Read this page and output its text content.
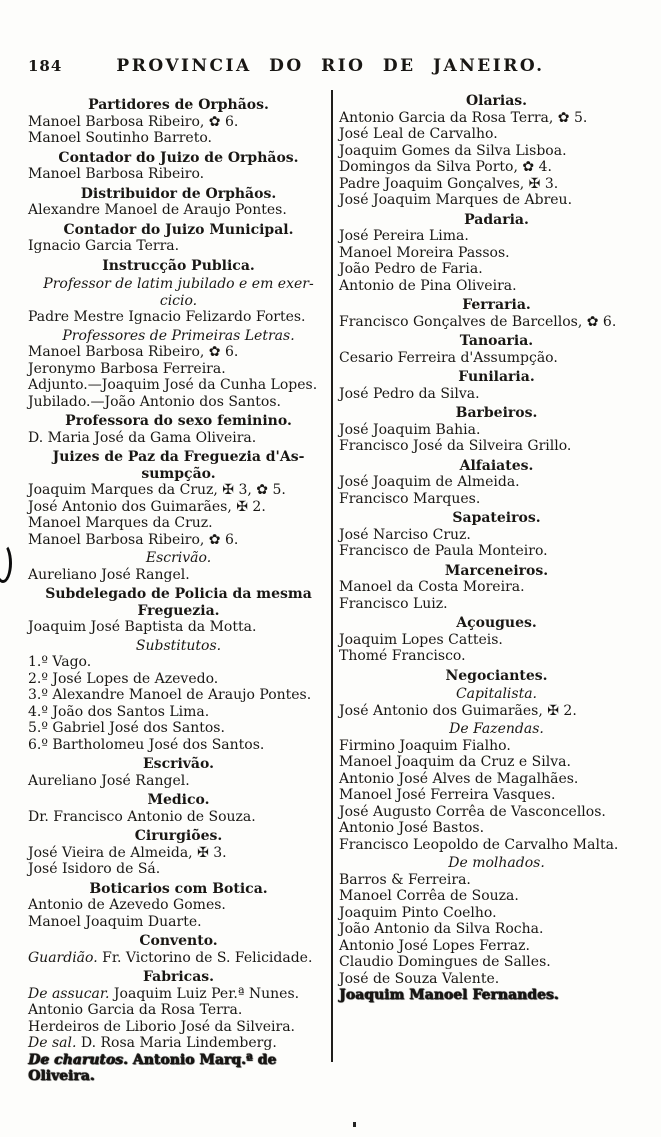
184	PROVINCIA DO RIO DE JANEIRO.
Partidores de Orphãos.
Manoel Barbosa Ribeiro, ✿ 6.
Manoel Soutinho Barreto.
Contador do Juizo de Orphãos.
Manoel Barbosa Ribeiro.
Distribuidor de Orphãos.
Alexandre Manoel de Araujo Pontes.
Contador do Juizo Municipal.
Ignacio Garcia Terra.
Instrucção Publica.
Professor de latim jubilado e em exer-cicio.
Padre Mestre Ignacio Felizardo Fortes.
Professores de Primeiras Letras.
Manoel Barbosa Ribeiro, ✿ 6.
Jeronymo Barbosa Ferreira.
Adjunto.—Joaquim José da Cunha Lopes.
Jubilado.—João Antonio dos Santos.
Professora do sexo feminino.
D. Maria José da Gama Oliveira.
Juizes de Paz da Freguezia d'As-sumpção.
Joaquim Marques da Cruz, ✠ 3, ✿ 5.
José Antonio dos Guimarães, ✠ 2.
Manoel Marques da Cruz.
Manoel Barbosa Ribeiro, ✿ 6.
Escrivão.
Aureliano José Rangel.
Subdelegado de Policia da mesma Freguezia.
Joaquim José Baptista da Motta.
Substitutos.
1.º Vago.
2.º José Lopes de Azevedo.
3.º Alexandre Manoel de Araujo Pontes.
4.º João dos Santos Lima.
5.º Gabriel José dos Santos.
6.º Bartholomeu José dos Santos.
Escrivão.
Aureliano José Rangel.
Medico.
Dr. Francisco Antonio de Souza.
Cirurgiões.
José Vieira de Almeida, ✠ 3.
José Isidoro de Sá.
Boticarios com Botica.
Antonio de Azevedo Gomes.
Manoel Joaquim Duarte.
Convento.
Guardião. Fr. Victorino de S. Felicidade.
Fabricas.
De assucar. Joaquim Luiz Per.ª Nunes.
Antonio Garcia da Rosa Terra.
Herdeiros de Liborio José da Silveira.
De sal. D. Rosa Maria Lindemberg.
De charutos. Antonio Marq.ª de Oliveira.
Olarias.
Antonio Garcia da Rosa Terra, ✿ 5.
José Leal de Carvalho.
Joaquim Gomes da Silva Lisboa.
Domingos da Silva Porto, ✿ 4.
Padre Joaquim Gonçalves, ✠ 3.
José Joaquim Marques de Abreu.
Padaria.
José Pereira Lima.
Manoel Moreira Passos.
João Pedro de Faria.
Antonio de Pina Oliveira.
Ferraria.
Francisco Gonçalves de Barcellos, ✿ 6.
Tanoaria.
Cesario Ferreira d'Assumpção.
Funilaria.
José Pedro da Silva.
Barbeiros.
José Joaquim Bahia.
Francisco José da Silveira Grillo.
Alfaiates.
José Joaquim de Almeida.
Francisco Marques.
Sapateiros.
José Narciso Cruz.
Francisco de Paula Monteiro.
Marceneiros.
Manoel da Costa Moreira.
Francisco Luiz.
Açougues.
Joaquim Lopes Catteis.
Thomé Francisco.
Negociantes.
Capitalista.
José Antonio dos Guimarães, ✠ 2.
De Fazendas.
Firmino Joaquim Fialho.
Manoel Joaquim da Cruz e Silva.
Antonio José Alves de Magalhães.
Manoel José Ferreira Vasques.
José Augusto Corrêa de Vasconcellos.
Antonio José Bastos.
Francisco Leopoldo de Carvalho Malta.
De molhados.
Barros & Ferreira.
Manoel Corrêa de Souza.
Joaquim Pinto Coelho.
João Antonio da Silva Rocha.
Antonio José Lopes Ferraz.
Claudio Domingues de Salles.
José de Souza Valente.
Joaquim Manoel Fernandes.
